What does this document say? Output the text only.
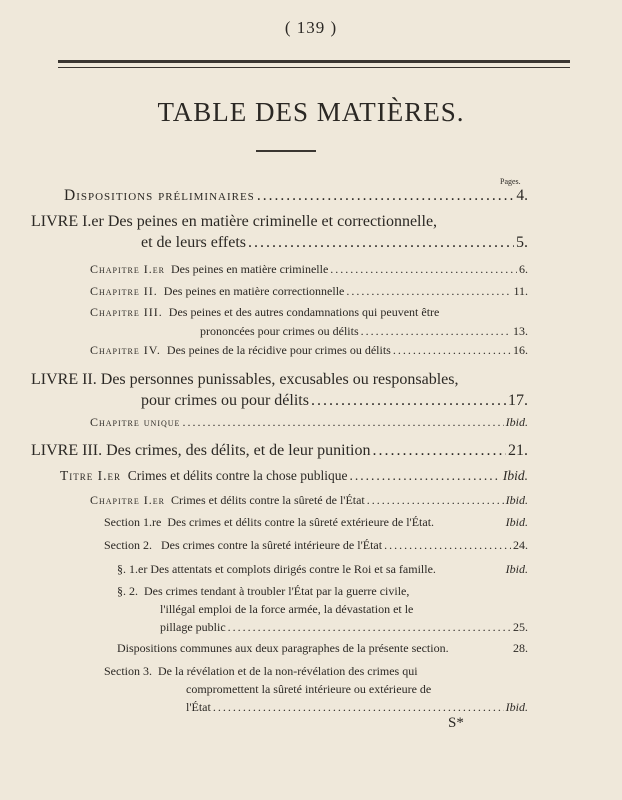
( 139 )
TABLE DES MATIÈRES.
Pages.
Dispositions préliminaires .....	4.
LIVRE I.er Des peines en matière criminelle et correctionnelle,
et de leurs effets .....	5.
Chapitre I.er Des peines en matière criminelle .....	6.
Chapitre II. Des peines en matière correctionnelle .....	11.
Chapitre III. Des peines et des autres condamnations qui peuvent être
prononcées pour crimes ou délits .....	13.
Chapitre IV. Des peines de la récidive pour crimes ou délits .....	16.
LIVRE II. Des personnes punissables, excusables ou responsables,
pour crimes ou pour délits .....	17.
Chapitre unique .....	Ibid.
LIVRE III. Des crimes, des délits, et de leur punition .....	21.
Titre I.er Crimes et délits contre la chose publique .....	Ibid.
Chapitre I.er Crimes et délits contre la sûreté de l'État .....	Ibid.
Section 1.re Des crimes et délits contre la sûreté extérieure de l'État.	Ibid.
Section 2. Des crimes contre la sûreté intérieure de l'État .....	24.
§. 1.er Des attentats et complots dirigés contre le Roi et sa famille.	Ibid.
§. 2. Des crimes tendant à troubler l'État par la guerre civile,
l'illégal emploi de la force armée, la dévastation et le
pillage public .....	25.
Dispositions communes aux deux paragraphes de la présente section.	28.
Section 3. De la révélation et de la non-révélation des crimes qui
compromettent la sûreté intérieure ou extérieure de
l'État .....	Ibid.
S*
